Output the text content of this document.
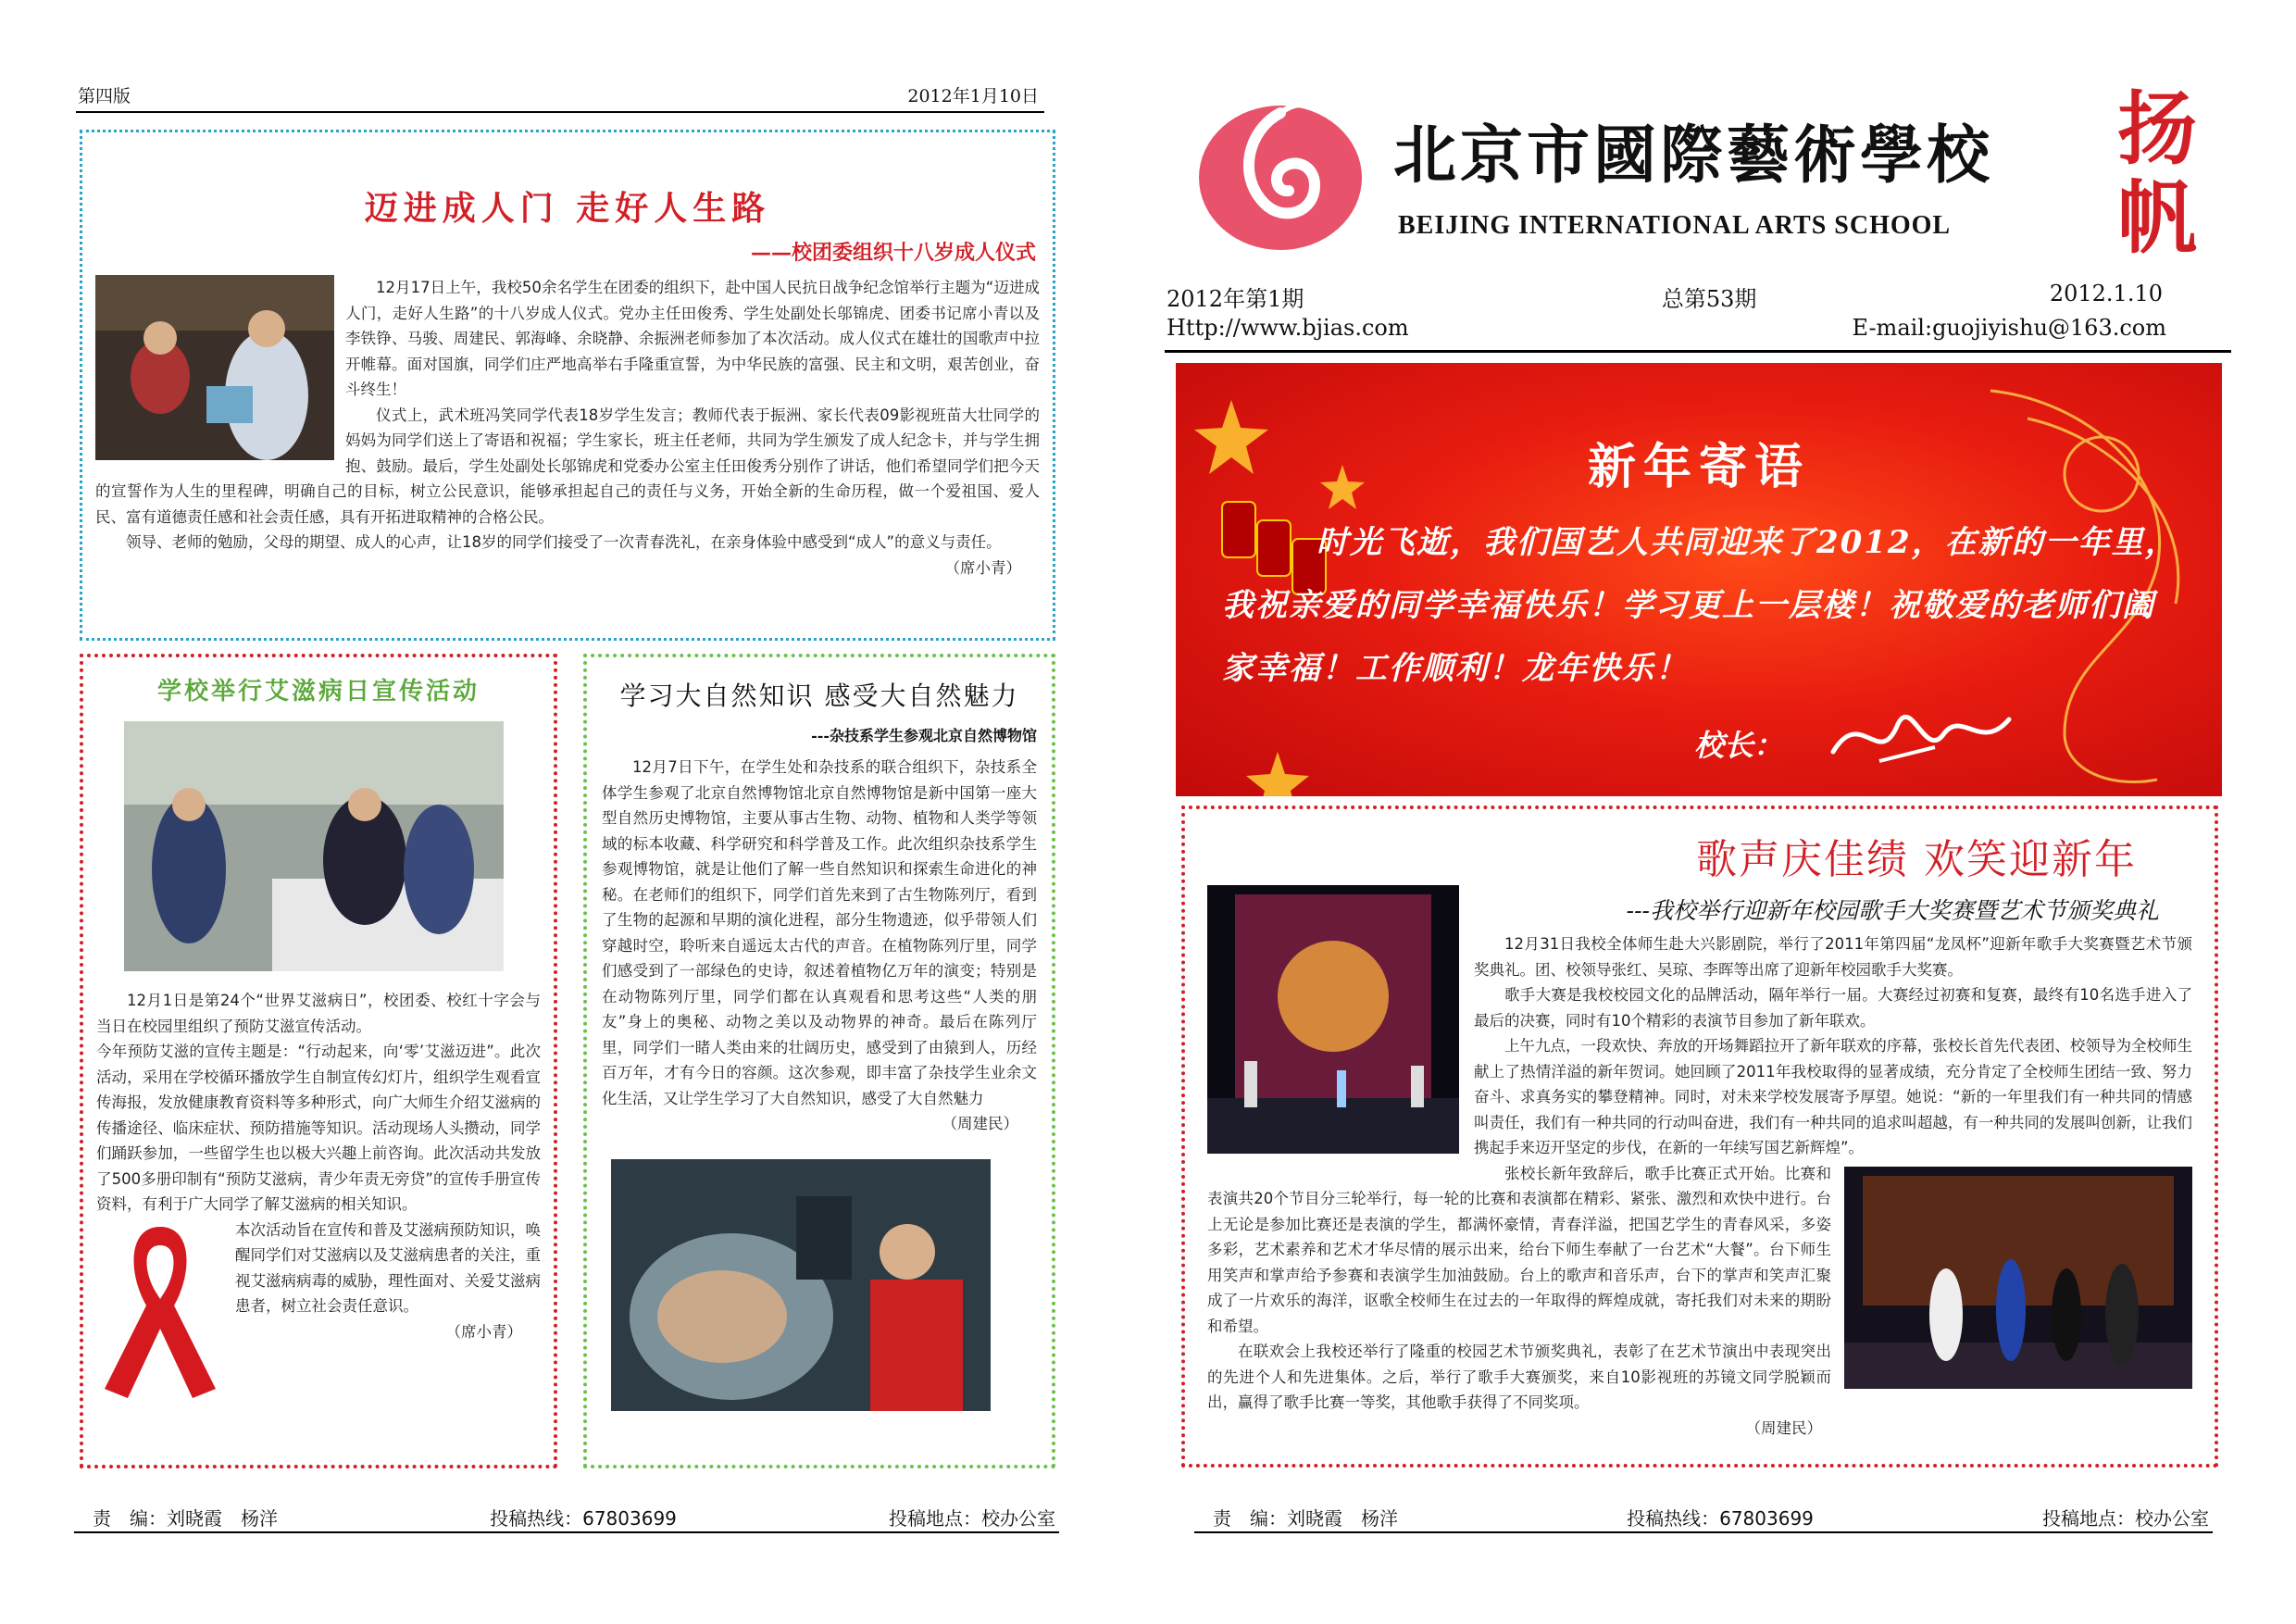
第四版	2012年1月10日
迈进成人门 走好人生路
——校团委组织十八岁成人仪式

12月17日上午，我校50余名学生在团委的组织下，赴中国人民抗日战争纪念馆举行主题为“迈进成人门，走好人生路”的十八岁成人仪式。党办主任田俊秀、学生处副处长邬锦虎、团委书记席小青以及李铁铮、马骏、周建民、郭海峰、余晓静、余振洲老师参加了本次活动。成人仪式在雄壮的国歌声中拉开帷幕。面对国旗，同学们庄严地高举右手隆重宣誓，为中华民族的富强、民主和文明，艰苦创业，奋斗终生！

仪式上，武术班冯笑同学代表18岁学生发言；教师代表于振洲、家长代表09影视班苗大壮同学的妈妈为同学们送上了寄语和祝福；学生家长，班主任老师，共同为学生颁发了成人纪念卡，并与学生拥抱、鼓励。最后，学生处副处长邬锦虎和党委办公室主任田俊秀分别作了讲话，他们希望同学们把今天的宣誓作为人生的里程碑，明确自己的目标，树立公民意识，能够承担起自己的责任与义务，开始全新的生命历程，做一个爱祖国、爱人民、富有道德责任感和社会责任感，具有开拓进取精神的合格公民。

领导、老师的勉励，父母的期望、成人的心声，让18岁的同学们接受了一次青春洗礼，在亲身体验中感受到“成人”的意义与责任。

（席小青）
学校举行艾滋病日宣传活动

12月1日是第24个“世界艾滋病日”，校团委、校红十字会与当日在校园里组织了预防艾滋宣传活动。

今年预防艾滋的宣传主题是：“行动起来，向‘零’艾滋迈进”。此次活动，采用在学校循环播放学生自制宣传幻灯片，组织学生观看宣传海报，发放健康教育资料等多种形式，向广大师生介绍艾滋病的传播途径、临床症状、预防措施等知识。活动现场人头攒动，同学们踊跃参加，一些留学生也以极大兴趣上前咨询。此次活动共发放了500多册印制有“预防艾滋病，青少年责无旁贷”的宣传手册宣传资料，有利于广大同学了解艾滋病的相关知识。

本次活动旨在宣传和普及艾滋病预防知识，唤醒同学们对艾滋病以及艾滋病患者的关注，重视艾滋病病毒的威胁，理性面对、关爱艾滋病患者，树立社会责任意识。

（席小青）
学习大自然知识 感受大自然魅力
---杂技系学生参观北京自然博物馆

12月7日下午，在学生处和杂技系的联合组织下，杂技系全体学生参观了北京自然博物馆北京自然博物馆是新中国第一座大型自然历史博物馆，主要从事古生物、动物、植物和人类学等领域的标本收藏、科学研究和科学普及工作。此次组织杂技系学生参观博物馆，就是让他们了解一些自然知识和探索生命进化的神秘。在老师们的组织下，同学们首先来到了古生物陈列厅，看到了生物的起源和早期的演化进程，部分生物遗迹，似乎带领人们穿越时空，聆听来自遥远太古代的声音。在植物陈列厅里，同学们感受到了一部绿色的史诗，叙述着植物亿万年的演变；特别是在动物陈列厅里，同学们都在认真观看和思考这些“人类的朋友”身上的奥秘、动物之美以及动物界的神奇。最后在陈列厅里，同学们一睹人类由来的壮阔历史，感受到了由猿到人，历经百万年，才有今日的容颜。这次参观，即丰富了杂技学生业余文化生活，又让学生学习了大自然知识，感受了大自然魅力

（周建民）
责　编：刘晓霞　杨洋	投稿热线：67803699	投稿地点：校办公室
北京市國際藝術學校
BEIJING INTERNATIONAL ARTS SCHOOL
扬
帆
2012年第1期	总第53期	2012.1.10
Http://www.bjias.com	E-mail:guojiyishu@163.com
新年寄语
时光飞逝，我们国艺人共同迎来了2012，在新的一年里，我祝亲爱的同学幸福快乐！学习更上一层楼！祝敬爱的老师们阖家幸福！工作顺利！龙年快乐！
校长：
歌声庆佳绩 欢笑迎新年
---我校举行迎新年校园歌手大奖赛暨艺术节颁奖典礼

12月31日我校全体师生赴大兴影剧院，举行了2011年第四届“龙凤杯”迎新年歌手大奖赛暨艺术节颁奖典礼。团、校领导张红、吴琼、李晖等出席了迎新年校园歌手大奖赛。

歌手大赛是我校校园文化的品牌活动，隔年举行一届。大赛经过初赛和复赛，最终有10名选手进入了最后的决赛，同时有10个精彩的表演节目参加了新年联欢。

上午九点，一段欢快、奔放的开场舞蹈拉开了新年联欢的序幕，张校长首先代表团、校领导为全校师生献上了热情洋溢的新年贺词。她回顾了2011年我校取得的显著成绩，充分肯定了全校师生团结一致、努力奋斗、求真务实的攀登精神。同时，对未来学校发展寄予厚望。她说：“新的一年里我们有一种共同的情感叫责任，我们有一种共同的行动叫奋进，我们有一种共同的追求叫超越，有一种共同的发展叫创新，让我们携起手来迈开坚定的步伐，在新的一年续写国艺新辉煌”。

张校长新年致辞后，歌手比赛正式开始。比赛和表演共20个节目分三轮举行，每一轮的比赛和表演都在精彩、紧张、激烈和欢快中进行。台上无论是参加比赛还是表演的学生，都满怀豪情，青春洋溢，把国艺学生的青春风采，多姿多彩，艺术素养和艺术才华尽情的展示出来，给台下师生奉献了一台艺术“大餐”。台下师生用笑声和掌声给予参赛和表演学生加油鼓励。台上的歌声和音乐声，台下的掌声和笑声汇聚成了一片欢乐的海洋，讴歌全校师生在过去的一年取得的辉煌成就，寄托我们对未来的期盼和希望。

在联欢会上我校还举行了隆重的校园艺术节颁奖典礼，表彰了在艺术节演出中表现突出的先进个人和先进集体。之后，举行了歌手大赛颁奖，来自10影视班的苏镜文同学脱颖而出，赢得了歌手比赛一等奖，其他歌手获得了不同奖项。

（周建民）
责　编：刘晓霞　杨洋	投稿热线：67803699	投稿地点：校办公室
